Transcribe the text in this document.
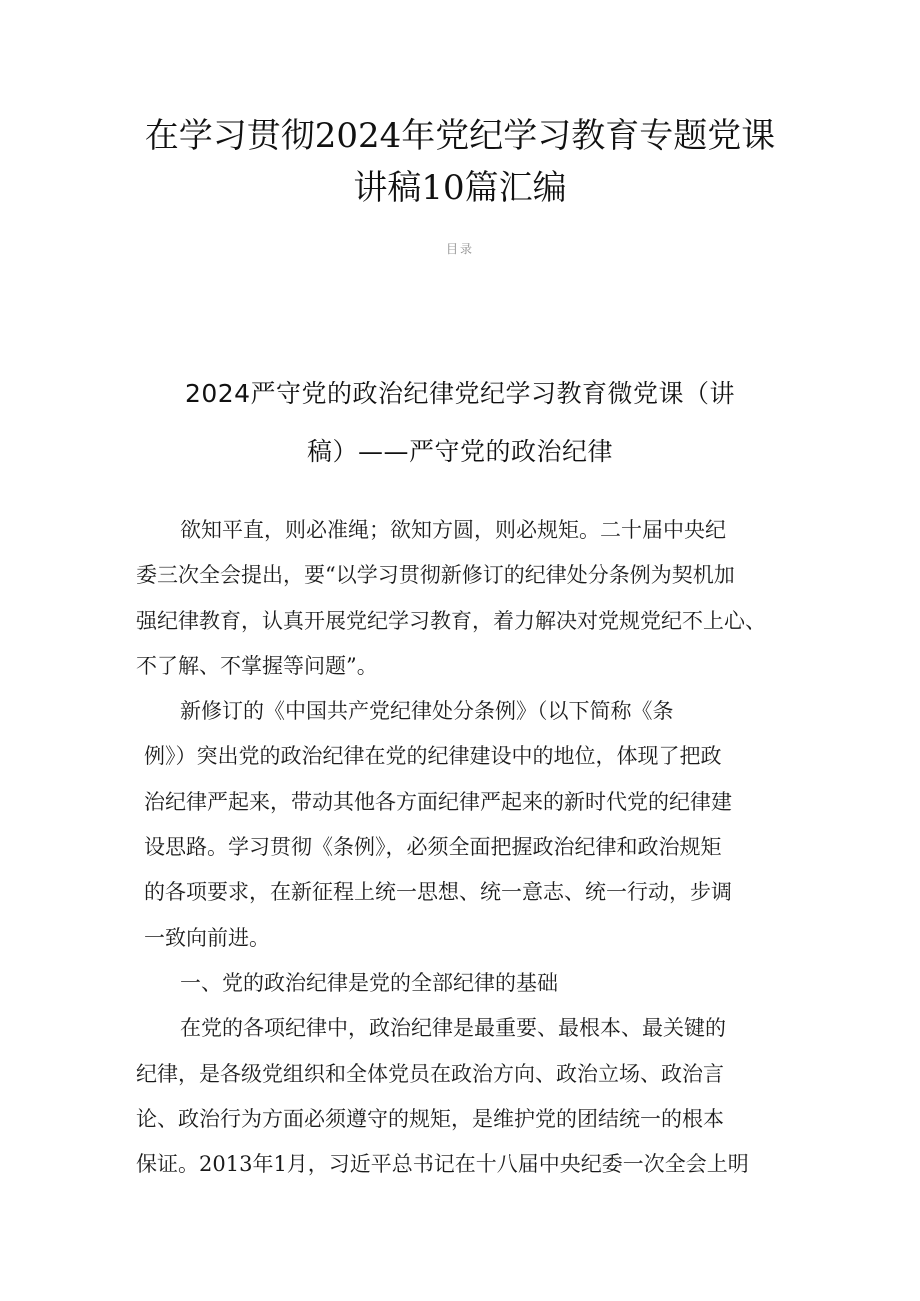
在学习贯彻2024年党纪学习教育专题党课
讲稿10篇汇编
目录
2024严守党的政治纪律党纪学习教育微党课（讲
稿）——严守党的政治纪律
欲知平直，则必准绳；欲知方圆，则必规矩。二十届中央纪
委三次全会提出，要“以学习贯彻新修订的纪律处分条例为契机加
强纪律教育，认真开展党纪学习教育，着力解决对党规党纪不上心、
不了解、不掌握等问题”。
新修订的《中国共产党纪律处分条例》（以下简称《条
例》）突出党的政治纪律在党的纪律建设中的地位，体现了把政
治纪律严起来，带动其他各方面纪律严起来的新时代党的纪律建
设思路。学习贯彻《条例》，必须全面把握政治纪律和政治规矩
的各项要求，在新征程上统一思想、统一意志、统一行动，步调
一致向前进。
一、党的政治纪律是党的全部纪律的基础
在党的各项纪律中，政治纪律是最重要、最根本、最关键的
纪律，是各级党组织和全体党员在政治方向、政治立场、政治言
论、政治行为方面必须遵守的规矩，是维护党的团结统一的根本
保证。2013年1月，习近平总书记在十八届中央纪委一次全会上明
